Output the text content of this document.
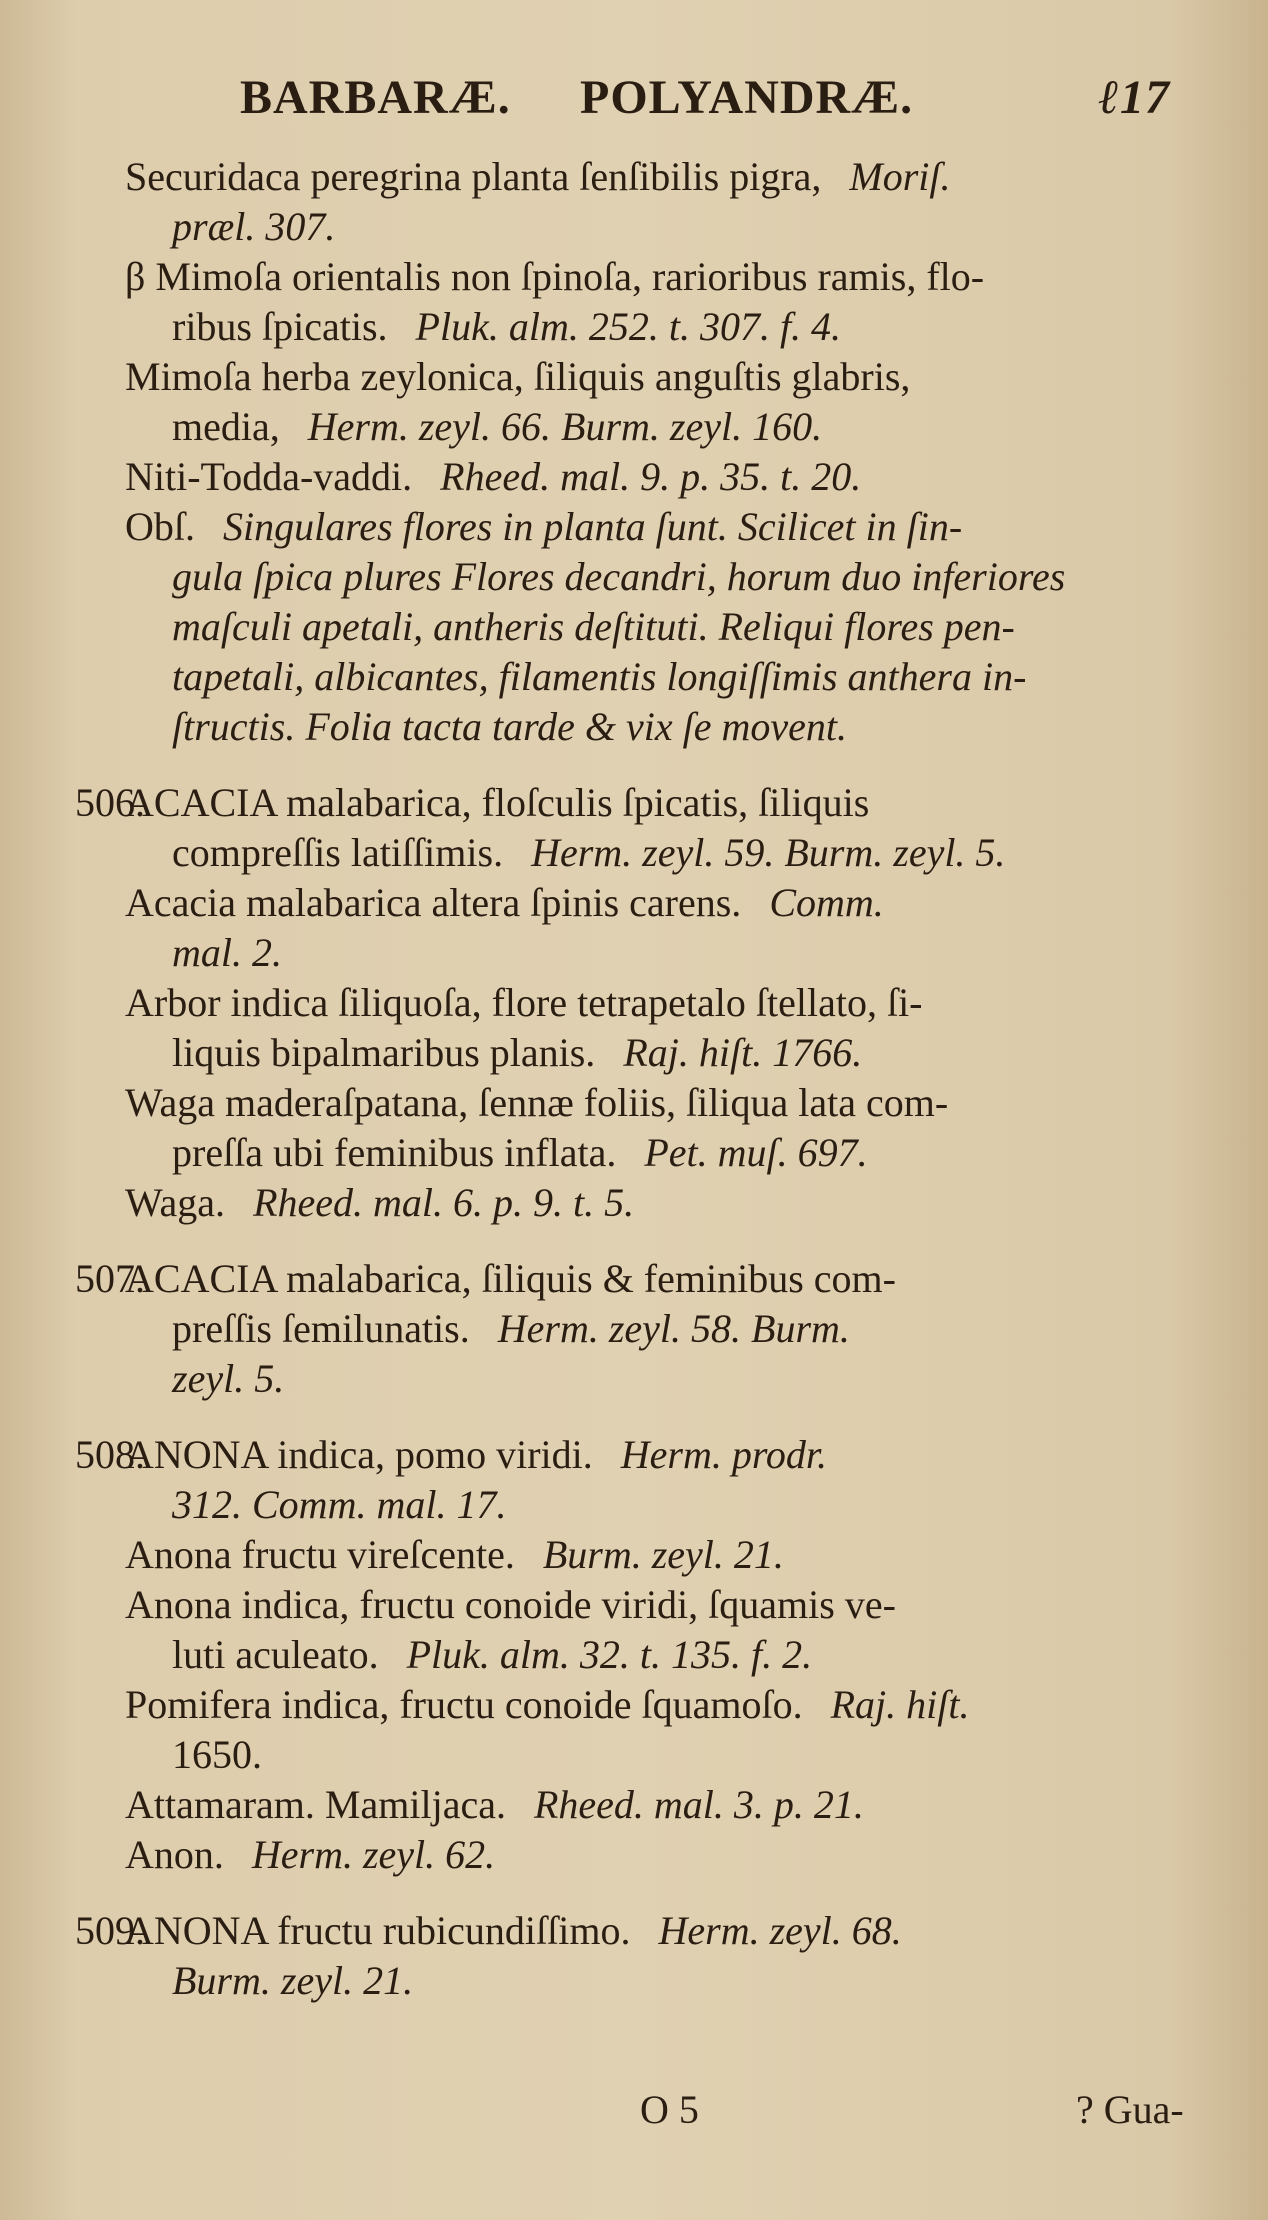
BARBARÆ. POLYANDRÆ.	ℓ17
Securidaca peregrina planta ſenſibilis pigra, Moriſ.
præl. 307.
β Mimoſa orientalis non ſpinoſa, rarioribus ramis, flo-
ribus ſpicatis. Pluk. alm. 252. t. 307. f. 4.
Mimoſa herba zeylonica, ſiliquis anguſtis glabris,
media, Herm. zeyl. 66. Burm. zeyl. 160.
Niti-Todda-vaddi. Rheed. mal. 9. p. 35. t. 20.
Obſ. Singulares flores in planta ſunt. Scilicet in ſin-
gula ſpica plures Flores decandri, horum duo inferiores
maſculi apetali, antheris deſtituti. Reliqui flores pen-
tapetali, albicantes, filamentis longiſſimis anthera in-
ſtructis. Folia tacta tarde & vix ſe movent.
506.
ACACIA malabarica, floſculis ſpicatis, ſiliquis
compreſſis latiſſimis. Herm. zeyl. 59. Burm. zeyl. 5.
Acacia malabarica altera ſpinis carens. Comm.
mal. 2.
Arbor indica ſiliquoſa, flore tetrapetalo ſtellato, ſi-
liquis bipalmaribus planis. Raj. hiſt. 1766.
Waga maderaſpatana, ſennæ foliis, ſiliqua lata com-
preſſa ubi feminibus inflata. Pet. muſ. 697.
Waga. Rheed. mal. 6. p. 9. t. 5.
507.
ACACIA malabarica, ſiliquis & feminibus com-
preſſis ſemilunatis. Herm. zeyl. 58. Burm.
zeyl. 5.
508.
ANONA indica, pomo viridi. Herm. prodr.
312. Comm. mal. 17.
Anona fructu vireſcente. Burm. zeyl. 21.
Anona indica, fructu conoide viridi, ſquamis ve-
luti aculeato. Pluk. alm. 32. t. 135. f. 2.
Pomifera indica, fructu conoide ſquamoſo. Raj. hiſt.
1650.
Attamaram. Mamiljaca. Rheed. mal. 3. p. 21.
Anon. Herm. zeyl. 62.
509.
ANONA fructu rubicundiſſimo. Herm. zeyl. 68.
Burm. zeyl. 21.
O 5	? Gua-
